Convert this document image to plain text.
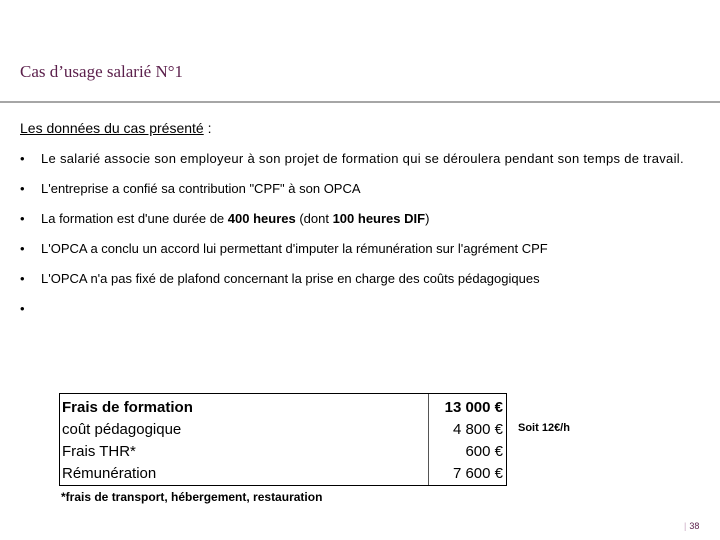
Cas d’usage salarié N°1
Les données du cas présenté :
• Le salarié associe son employeur à son projet de formation qui se déroulera pendant son temps de travail.
• L'entreprise a confié sa contribution "CPF" à son OPCA
• La formation est d'une durée de 400 heures (dont 100 heures DIF)
• L'OPCA a conclu un accord lui permettant d'imputer la rémunération sur l'agrément CPF
• L'OPCA n'a pas fixé de plafond concernant la prise en charge des coûts pédagogiques
•
Frais de formation
coût pédagogique
Frais THR*
Rémunération
13 000 €
4 800 €
600 €
7 600 €
Soit 12€/h
*frais de transport, hébergement, restauration
| 38
